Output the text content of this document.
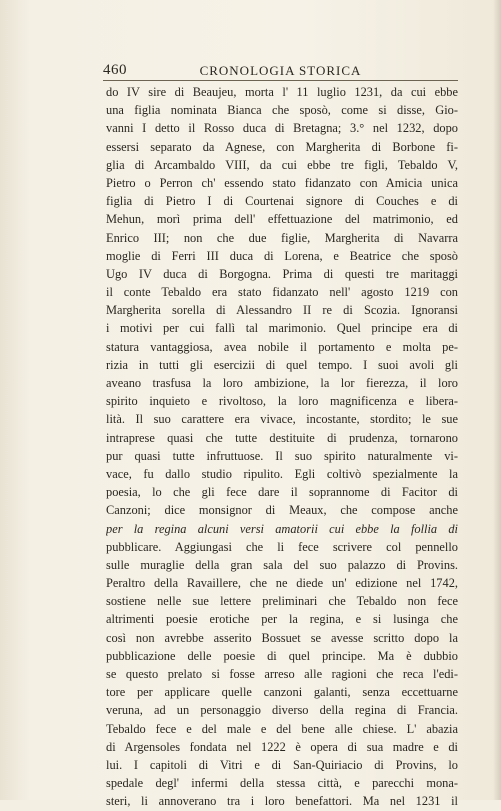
460	CRONOLOGIA STORICA
do IV sire di Beaujeu, morta l' 11 luglio 1231, da cui ebbe
una figlia nominata Bianca che sposò, come si disse, Gio-
vanni I detto il Rosso duca di Bretagna; 3.° nel 1232, dopo
essersi separato da Agnese, con Margherita di Borbone fi-
glia di Arcambaldo VIII, da cui ebbe tre figli, Tebaldo V,
Pietro o Perron ch' essendo stato fidanzato con Amicia unica
figlia di Pietro I di Courtenai signore di Couches e di
Mehun, morì prima dell' effettuazione del matrimonio, ed
Enrico III; non che due figlie, Margherita di Navarra
moglie di Ferri III duca di Lorena, e Beatrice che sposò
Ugo IV duca di Borgogna. Prima di questi tre maritaggi
il conte Tebaldo era stato fidanzato nell' agosto 1219 con
Margherita sorella di Alessandro II re di Scozia. Ignoransi
i motivi per cui fallì tal marimonio. Quel principe era di
statura vantaggiosa, avea nobile il portamento e molta pe-
rizia in tutti gli esercizii di quel tempo. I suoi avoli gli
aveano trasfusa la loro ambizione, la lor fierezza, il loro
spirito inquieto e rivoltoso, la loro magnificenza e libera-
lità. Il suo carattere era vivace, incostante, stordito; le sue
intraprese quasi che tutte destituite di prudenza, tornarono
pur quasi tutte infruttuose. Il suo spirito naturalmente vi-
vace, fu dallo studio ripulito. Egli coltivò spezialmente la
poesia, lo che gli fece dare il soprannome di Facitor di
Canzoni; dice monsignor di Meaux, che compose anche
per la regina alcuni versi amatorii cui ebbe la follia di
pubblicare. Aggiungasi che li fece scrivere col pennello
sulle muraglie della gran sala del suo palazzo di Provins.
Peraltro della Ravaillere, che ne diede un' edizione nel 1742,
sostiene nelle sue lettere preliminari che Tebaldo non fece
altrimenti poesie erotiche per la regina, e si lusinga che
così non avrebbe asserito Bossuet se avesse scritto dopo la
pubblicazione delle poesie di quel principe. Ma è dubbio
se questo prelato si fosse arreso alle ragioni che reca l'edi-
tore per applicare quelle canzoni galanti, senza eccettuarne
veruna, ad un personaggio diverso della regina di Francia.
Tebaldo fece e del male e del bene alle chiese. L' abazia
di Argensoles fondata nel 1222 è opera di sua madre e di
lui. I capitoli di Vitri e di San-Quiriacio di Provins, lo
spedale degl' infermi della stessa città, e parecchi mona-
steri, li annoverano tra i loro benefattori. Ma nel 1231 il
